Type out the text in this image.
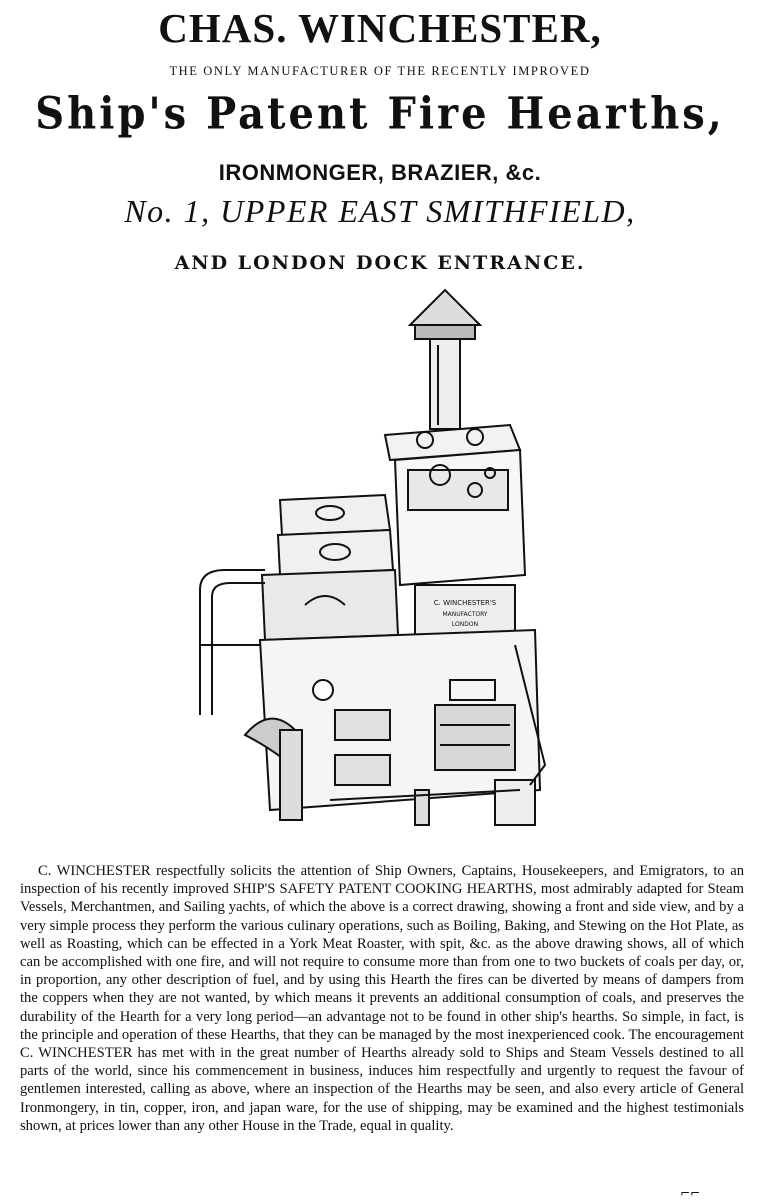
CHAS. WINCHESTER,
THE ONLY MANUFACTURER OF THE RECENTLY IMPROVED
Ship's Patent Fire Hearths,
IRONMONGER, BRAZIER, &c.
No. 1, UPPER EAST SMITHFIELD,
AND LONDON DOCK ENTRANCE.
C. WINCHESTER'S
MANUFACTORY
LONDON

C. WINCHESTER respectfully solicits the attention of Ship Owners, Captains, Housekeepers, and Emigrators, to an inspection of his recently improved SHIP'S SAFETY PATENT COOKING HEARTHS, most admirably adapted for Steam Vessels, Merchantmen, and Sailing yachts, of which the above is a correct drawing, showing a front and side view, and by a very simple process they perform the various culinary operations, such as Boiling, Baking, and Stewing on the Hot Plate, as well as Roasting, which can be effected in a York Meat Roaster, with spit, &c. as the above drawing shows, all of which can be accomplished with one fire, and will not require to consume more than from one to two buckets of coals per day, or, in proportion, any other description of fuel, and by using this Hearth the fires can be diverted by means of dampers from the coppers when they are not wanted, by which means it prevents an additional consumption of coals, and preserves the durability of the Hearth for a very long period—an advantage not to be found in other ship's hearths. So simple, in fact, is the principle and operation of these Hearths, that they can be managed by the most inexperienced cook. The encouragement C. WINCHESTER has met with in the great number of Hearths already sold to Ships and Steam Vessels destined to all parts of the world, since his commencement in business, induces him respectfully and urgently to request the favour of gentlemen interested, calling as above, where an inspection of the Hearths may be seen, and also every article of General Ironmongery, in tin, copper, iron, and japan ware, for the use of shipping, may be examined and the highest testimonials shown, at prices lower than any other House in the Trade, equal in quality.

⌐⌐
